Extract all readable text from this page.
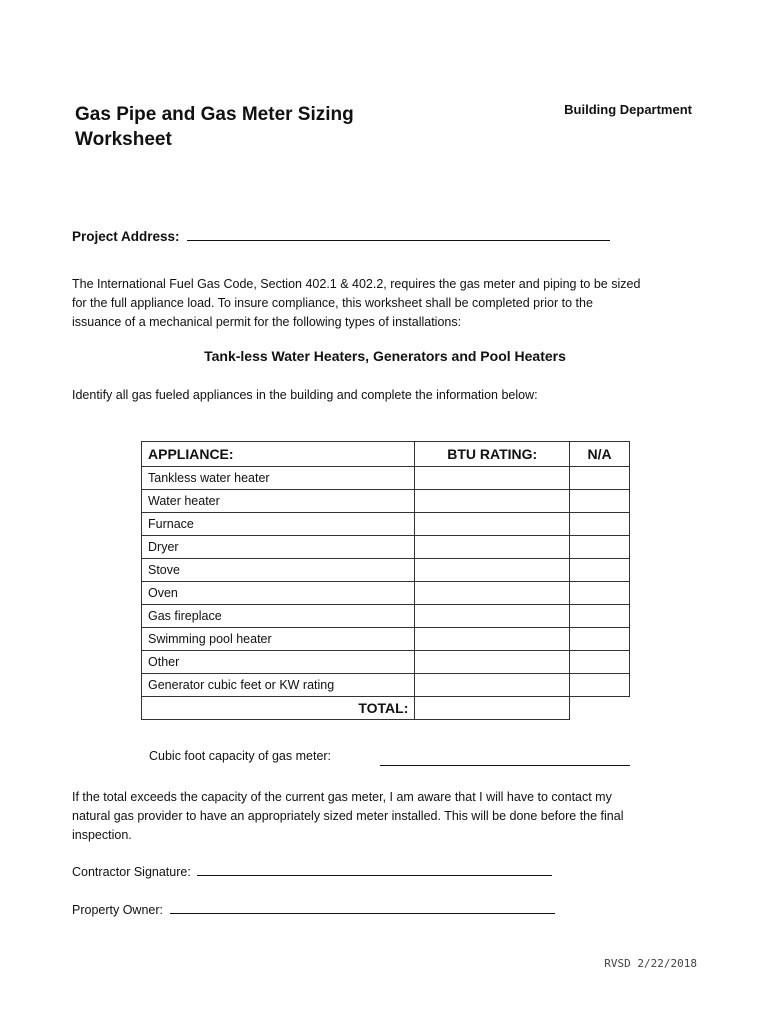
Gas Pipe and Gas Meter Sizing
Worksheet
Building Department
Project Address:
The International Fuel Gas Code, Section 402.1 & 402.2, requires the gas meter and piping to be sized
for the full appliance load. To insure compliance, this worksheet shall be completed prior to the
issuance of a mechanical permit for the following types of installations:
Tank-less Water Heaters, Generators and Pool Heaters
Identify all gas fueled appliances in the building and complete the information below:
APPLIANCE:	BTU RATING:	N/A
Tankless water heater		
Water heater		
Furnace		
Dryer		
Stove		
Oven		
Gas fireplace		
Swimming pool heater		
Other		
Generator cubic feet or KW rating		
TOTAL:		
Cubic foot capacity of gas meter:
If the total exceeds the capacity of the current gas meter, I am aware that I will have to contact my
natural gas provider to have an appropriately sized meter installed. This will be done before the final
inspection.
Contractor Signature:
Property Owner:
RVSD 2/22/2018
